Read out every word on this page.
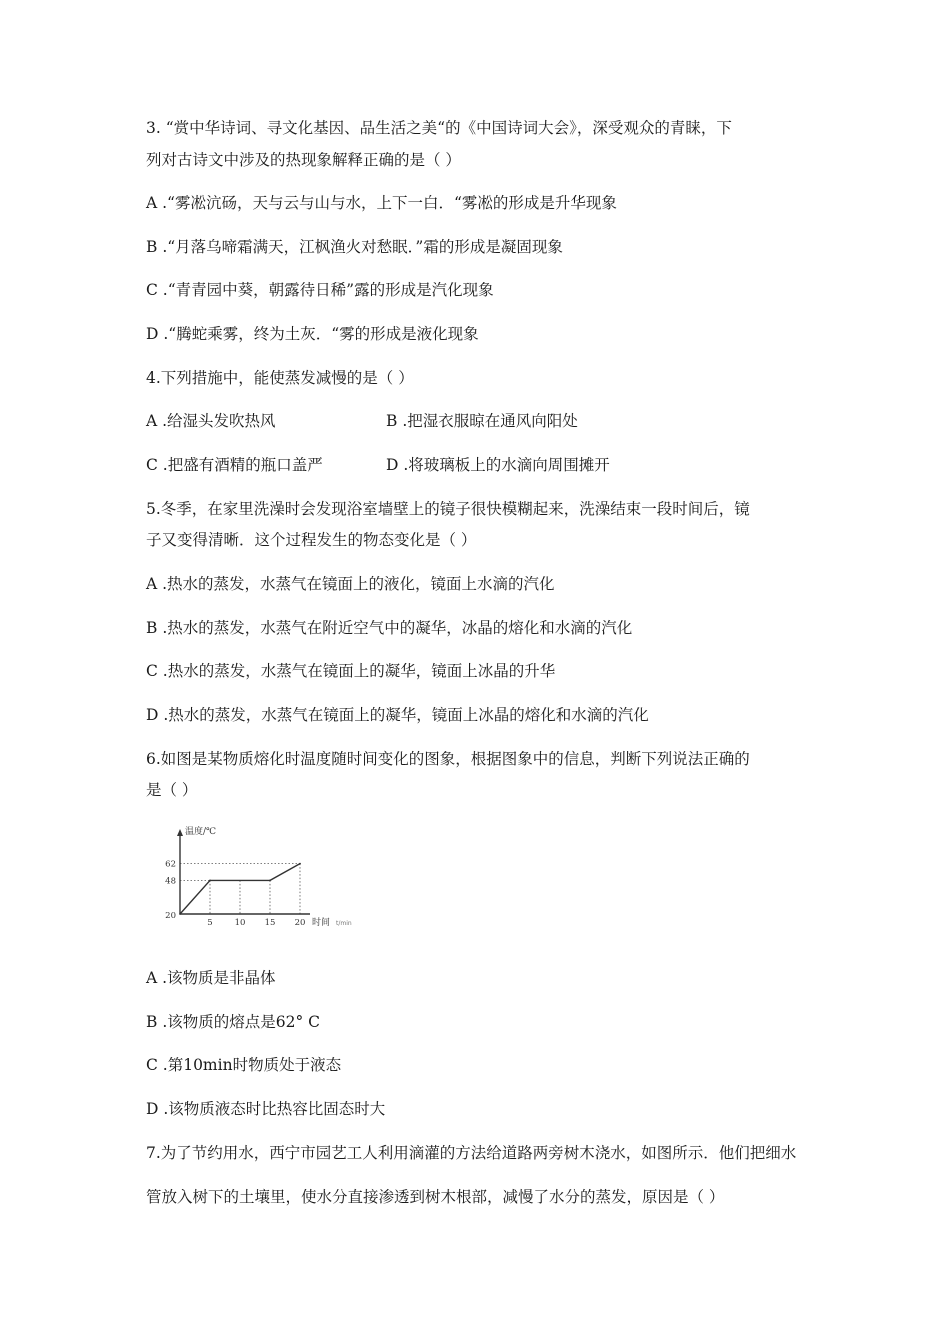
3. “赏中华诗词、寻文化基因、品生活之美“的《中国诗词大会》，深受观众的青睐，下
列对古诗文中涉及的热现象解释正确的是（ ）
A .“雾凇沆砀，天与云与山与水，上下一白．“雾凇的形成是升华现象
B .“月落乌啼霜满天，江枫渔火对愁眠．”霜的形成是凝固现象
C .“青青园中葵，朝露待日稀”露的形成是汽化现象
D .“腾蛇乘雾，终为土灰．“雾的形成是液化现象
4.下列措施中，能使蒸发减慢的是（ ）
A .给湿头发吹热风	B .把湿衣服晾在通风向阳处
C .把盛有酒精的瓶口盖严	D .将玻璃板上的水滴向周围摊开
5.冬季，在家里洗澡时会发现浴室墙壁上的镜子很快模糊起来，洗澡结束一段时间后，镜
子又变得清晰．这个过程发生的物态变化是（ ）
A .热水的蒸发，水蒸气在镜面上的液化，镜面上水滴的汽化
B .热水的蒸发，水蒸气在附近空气中的凝华，冰晶的熔化和水滴的汽化
C .热水的蒸发，水蒸气在镜面上的凝华，镜面上冰晶的升华
D .热水的蒸发，水蒸气在镜面上的凝华，镜面上冰晶的熔化和水滴的汽化
6.如图是某物质熔化时温度随时间变化的图象，根据图象中的信息，判断下列说法正确的
是（ ）
5	10 15 20
62
48
20
温度/℃
时间 t/min
A .该物质是非晶体
B .该物质的熔点是62° C
C .第10min时物质处于液态
D .该物质液态时比热容比固态时大
7.为了节约用水，西宁市园艺工人利用滴灌的方法给道路两旁树木浇水，如图所示．他们把细水管放入树下的土壤里，使水分直接渗透到树木根部，减慢了水分的蒸发，原因是（ ）
